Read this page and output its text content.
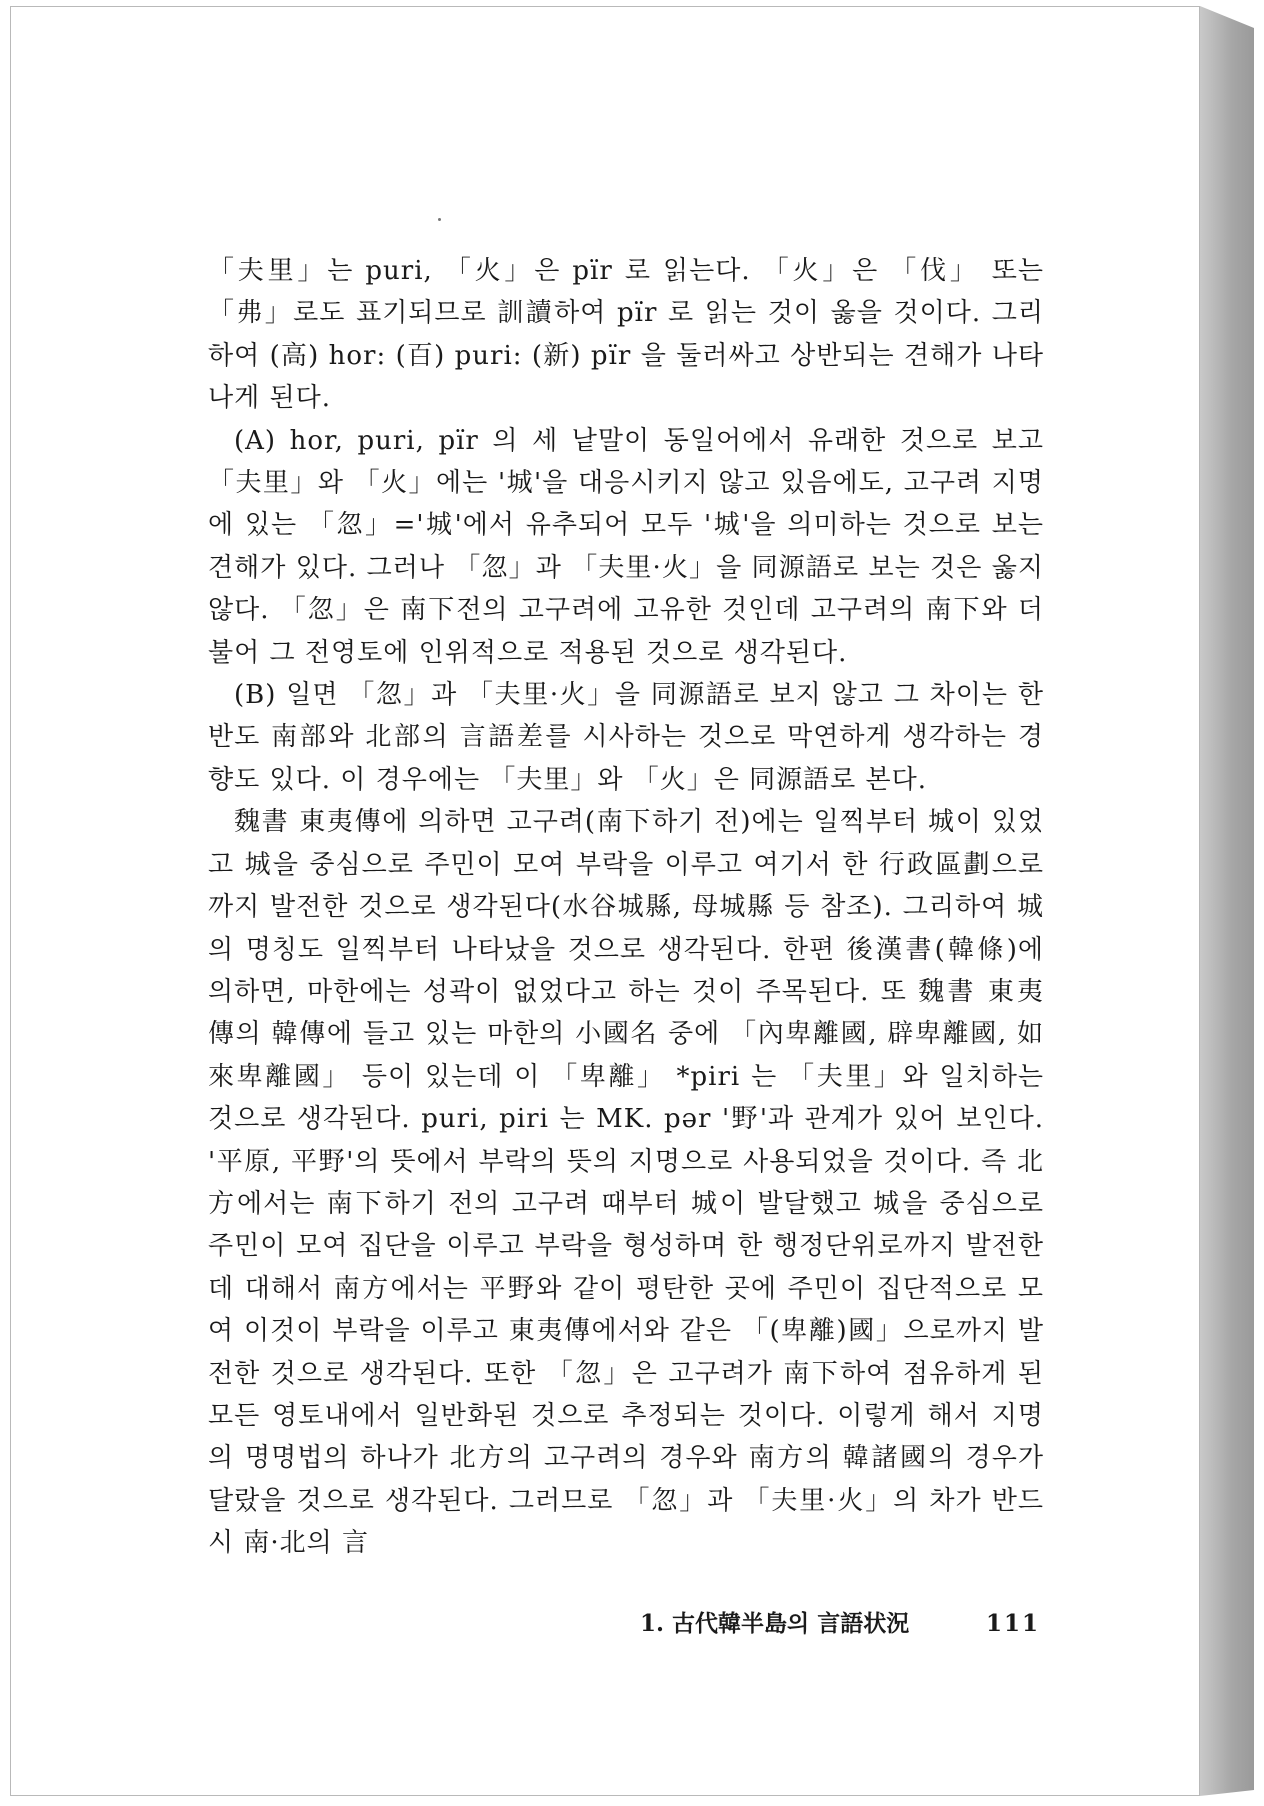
「夫里」는 puri, 「火」은 pïr 로 읽는다. 「火」은 「伐」 또는 「弗」로도 표기되므로 訓讀하여 pïr 로 읽는 것이 옳을 것이다. 그리하여 (高) hor: (百) puri: (新) pïr 을 둘러싸고 상반되는 견해가 나타나게 된다.

(A) hor, puri, pïr 의 세 낱말이 동일어에서 유래한 것으로 보고 「夫里」와 「火」에는 '城'을 대응시키지 않고 있음에도, 고구려 지명에 있는 「忽」='城'에서 유추되어 모두 '城'을 의미하는 것으로 보는 견해가 있다. 그러나 「忽」과 「夫里·火」을 同源語로 보는 것은 옳지 않다. 「忽」은 南下전의 고구려에 고유한 것인데 고구려의 南下와 더불어 그 전영토에 인위적으로 적용된 것으로 생각된다.

(B) 일면 「忽」과 「夫里·火」을 同源語로 보지 않고 그 차이는 한반도 南部와 北部의 言語差를 시사하는 것으로 막연하게 생각하는 경향도 있다. 이 경우에는 「夫里」와 「火」은 同源語로 본다.

魏書 東夷傳에 의하면 고구려(南下하기 전)에는 일찍부터 城이 있었고 城을 중심으로 주민이 모여 부락을 이루고 여기서 한 行政區劃으로까지 발전한 것으로 생각된다(水谷城縣, 母城縣 등 참조). 그리하여 城의 명칭도 일찍부터 나타났을 것으로 생각된다. 한편 後漢書(韓條)에 의하면, 마한에는 성곽이 없었다고 하는 것이 주목된다. 또 魏書 東夷傳의 韓傳에 들고 있는 마한의 小國名 중에 「內卑離國, 辟卑離國, 如來卑離國」 등이 있는데 이 「卑離」 *piri 는 「夫里」와 일치하는 것으로 생각된다. puri, piri 는 MK. pǝr '野'과 관계가 있어 보인다. '平原, 平野'의 뜻에서 부락의 뜻의 지명으로 사용되었을 것이다. 즉 北方에서는 南下하기 전의 고구려 때부터 城이 발달했고 城을 중심으로 주민이 모여 집단을 이루고 부락을 형성하며 한 행정단위로까지 발전한 데 대해서 南方에서는 平野와 같이 평탄한 곳에 주민이 집단적으로 모여 이것이 부락을 이루고 東夷傳에서와 같은 「(卑離)國」으로까지 발전한 것으로 생각된다. 또한 「忽」은 고구려가 南下하여 점유하게 된 모든 영토내에서 일반화된 것으로 추정되는 것이다. 이렇게 해서 지명의 명명법의 하나가 北方의 고구려의 경우와 南方의 韓諸國의 경우가 달랐을 것으로 생각된다. 그러므로 「忽」과 「夫里·火」의 차가 반드시 南·北의 言

1. 古代韓半島의 言語状況	111
